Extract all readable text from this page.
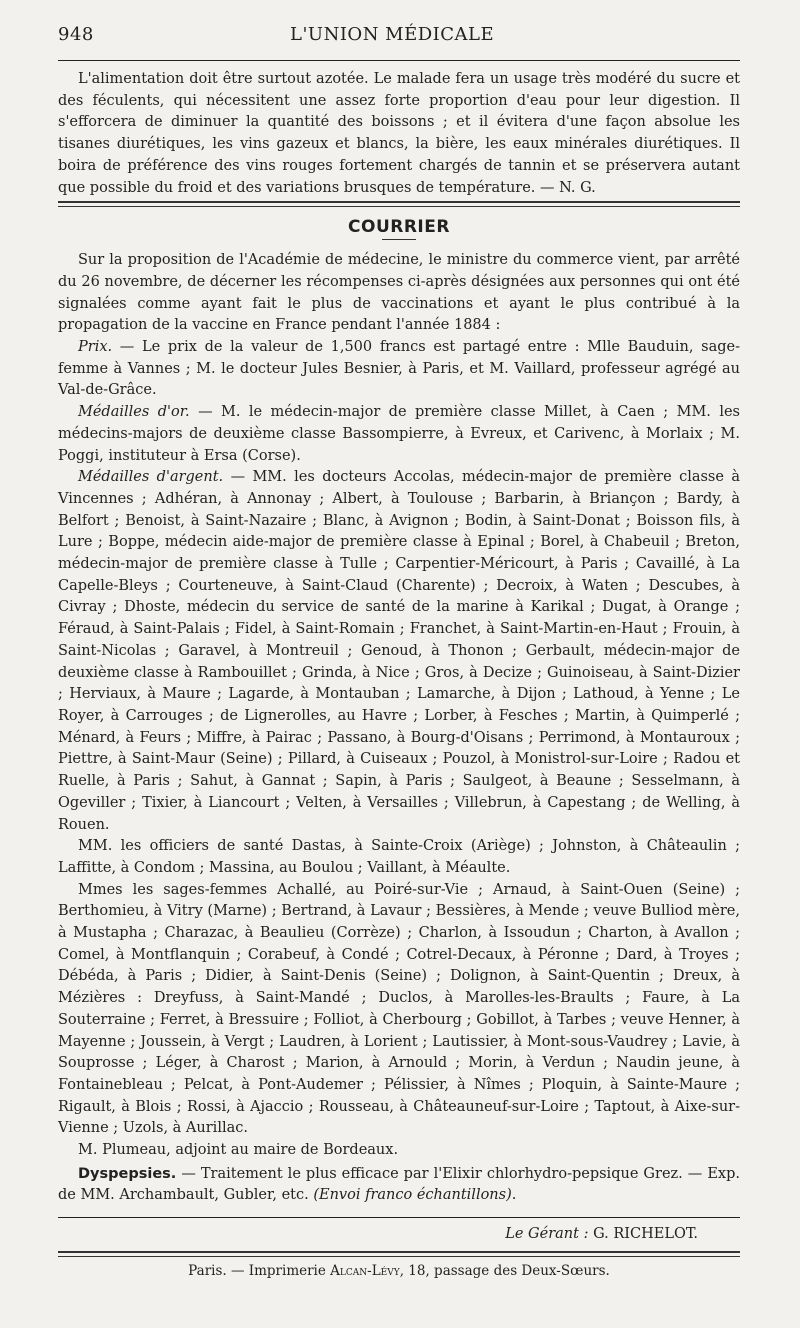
948	L'UNION MÉDICALE

L'alimentation doit être surtout azotée. Le malade fera un usage très modéré du sucre et des féculents, qui nécessitent une assez forte proportion d'eau pour leur digestion. Il s'efforcera de diminuer la quantité des boissons ; et il évitera d'une façon absolue les tisanes diurétiques, les vins gazeux et blancs, la bière, les eaux minérales diurétiques. Il boira de préférence des vins rouges fortement chargés de tannin et se préservera autant que possible du froid et des variations brusques de température. — N. G.

COURRIER

Sur la proposition de l'Académie de médecine, le ministre du commerce vient, par arrêté du 26 novembre, de décerner les récompenses ci-après désignées aux personnes qui ont été signalées comme ayant fait le plus de vaccinations et ayant le plus contribué à la propagation de la vaccine en France pendant l'année 1884 :

Prix. — Le prix de la valeur de 1,500 francs est partagé entre : Mlle Bauduin, sage-femme à Vannes ; M. le docteur Jules Besnier, à Paris, et M. Vaillard, professeur agrégé au Val-de-Grâce.

Médailles d'or. — M. le médecin-major de première classe Millet, à Caen ; MM. les médecins-majors de deuxième classe Bassompierre, à Evreux, et Carivenc, à Morlaix ; M. Poggi, instituteur à Ersa (Corse).

Médailles d'argent. — MM. les docteurs Accolas, médecin-major de première classe à Vincennes ; Adhéran, à Annonay ; Albert, à Toulouse ; Barbarin, à Briançon ; Bardy, à Belfort ; Benoist, à Saint-Nazaire ; Blanc, à Avignon ; Bodin, à Saint-Donat ; Boisson fils, à Lure ; Boppe, médecin aide-major de première classe à Epinal ; Borel, à Chabeuil ; Breton, médecin-major de première classe à Tulle ; Carpentier-Méricourt, à Paris ; Cavaillé, à La Capelle-Bleys ; Courteneuve, à Saint-Claud (Charente) ; Decroix, à Waten ; Descubes, à Civray ; Dhoste, médecin du service de santé de la marine à Karikal ; Dugat, à Orange ; Féraud, à Saint-Palais ; Fidel, à Saint-Romain ; Franchet, à Saint-Martin-en-Haut ; Frouin, à Saint-Nicolas ; Garavel, à Montreuil ; Genoud, à Thonon ; Gerbault, médecin-major de deuxième classe à Rambouillet ; Grinda, à Nice ; Gros, à Decize ; Guinoiseau, à Saint-Dizier ; Herviaux, à Maure ; Lagarde, à Montauban ; Lamarche, à Dijon ; Lathoud, à Yenne ; Le Royer, à Carrouges ; de Lignerolles, au Havre ; Lorber, à Fesches ; Martin, à Quimperlé ; Ménard, à Feurs ; Miffre, à Pairac ; Passano, à Bourg-d'Oisans ; Perrimond, à Montauroux ; Piettre, à Saint-Maur (Seine) ; Pillard, à Cuiseaux ; Pouzol, à Monistrol-sur-Loire ; Radou et Ruelle, à Paris ; Sahut, à Gannat ; Sapin, à Paris ; Saulgeot, à Beaune ; Sesselmann, à Ogeviller ; Tixier, à Liancourt ; Velten, à Versailles ; Villebrun, à Capestang ; de Welling, à Rouen.

MM. les officiers de santé Dastas, à Sainte-Croix (Ariège) ; Johnston, à Châteaulin ; Laffitte, à Condom ; Massina, au Boulou ; Vaillant, à Méaulte.

Mmes les sages-femmes Achallé, au Poiré-sur-Vie ; Arnaud, à Saint-Ouen (Seine) ; Berthomieu, à Vitry (Marne) ; Bertrand, à Lavaur ; Bessières, à Mende ; veuve Bulliod mère, à Mustapha ; Charazac, à Beaulieu (Corrèze) ; Charlon, à Issoudun ; Charton, à Avallon ; Comel, à Montflanquin ; Corabeuf, à Condé ; Cotrel-Decaux, à Péronne ; Dard, à Troyes ; Débéda, à Paris ; Didier, à Saint-Denis (Seine) ; Dolignon, à Saint-Quentin ; Dreux, à Mézières : Dreyfuss, à Saint-Mandé ; Duclos, à Marolles-les-Braults ; Faure, à La Souterraine ; Ferret, à Bressuire ; Folliot, à Cherbourg ; Gobillot, à Tarbes ; veuve Henner, à Mayenne ; Joussein, à Vergt ; Laudren, à Lorient ; Lautissier, à Mont-sous-Vaudrey ; Lavie, à Souprosse ; Léger, à Charost ; Marion, à Arnould ; Morin, à Verdun ; Naudin jeune, à Fontainebleau ; Pelcat, à Pont-Audemer ; Pélissier, à Nîmes ; Ploquin, à Sainte-Maure ; Rigault, à Blois ; Rossi, à Ajaccio ; Rousseau, à Châteauneuf-sur-Loire ; Taptout, à Aixe-sur-Vienne ; Uzols, à Aurillac.

M. Plumeau, adjoint au maire de Bordeaux.

Dyspepsies. — Traitement le plus efficace par l'Elixir chlorhydro-pepsique Grez. — Exp. de MM. Archambault, Gubler, etc. (Envoi franco échantillons).

Le Gérant : G. RICHELOT.
Paris. — Imprimerie Alcan-Lévy, 18, passage des Deux-Sœurs.
